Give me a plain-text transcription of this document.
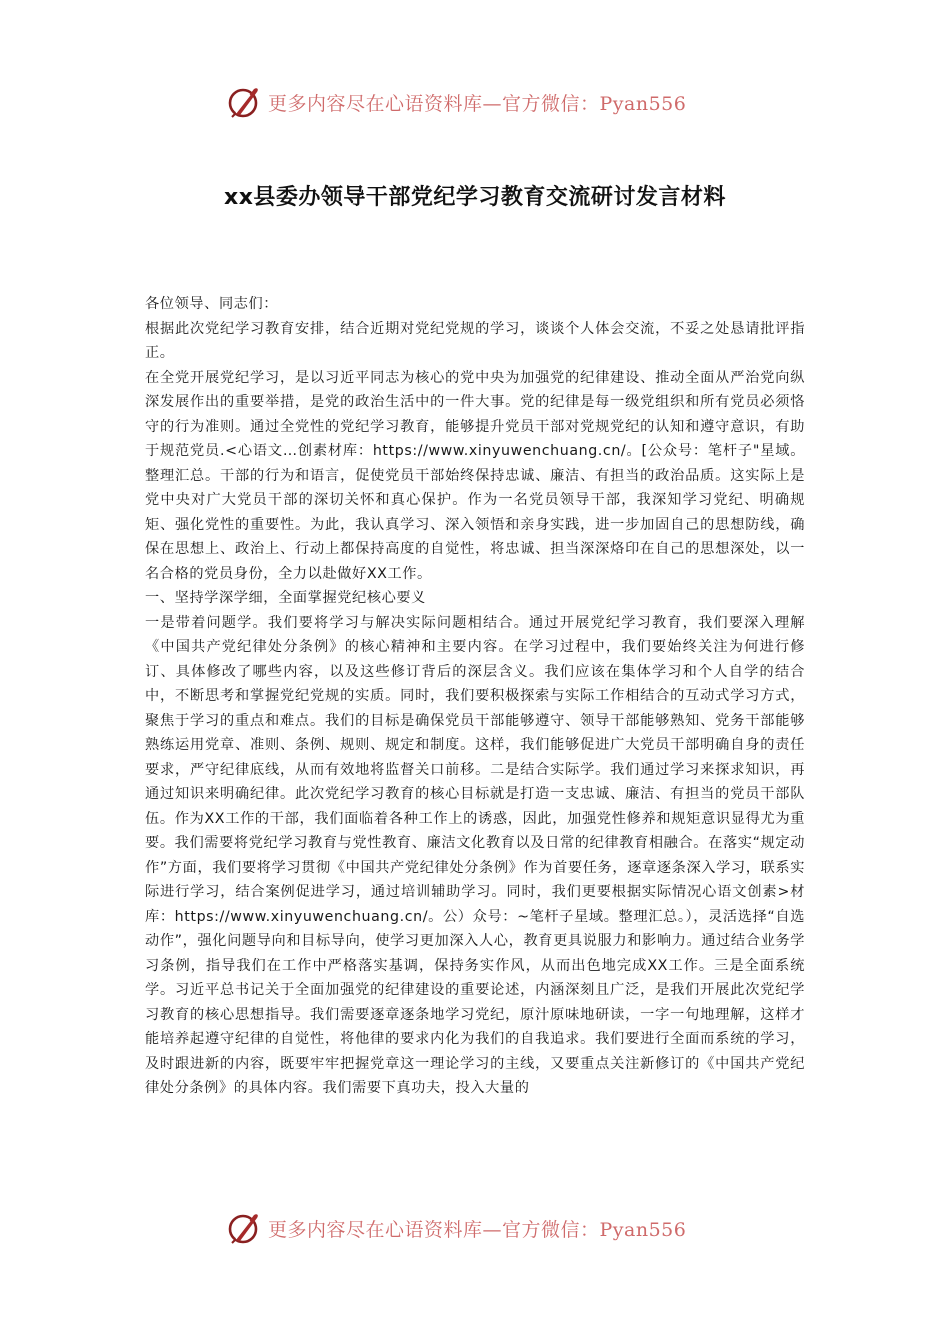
更多内容尽在心语资料库—官方微信：Pyan556
xx县委办领导干部党纪学习教育交流研讨发言材料

各位领导、同志们：

根据此次党纪学习教育安排，结合近期对党纪党规的学习，谈谈个人体会交流，不妥之处恳请批评指正。

在全党开展党纪学习，是以习近平同志为核心的党中央为加强党的纪律建设、推动全面从严治党向纵深发展作出的重要举措，是党的政治生活中的一件大事。党的纪律是每一级党组织和所有党员必须恪守的行为准则。通过全党性的党纪学习教育，能够提升党员干部对党规党纪的认知和遵守意识，有助于规范党员.<心语文…创素材库：https://www.xinyuwenchuang.cn/。[公众号：笔杆子"星域。整理汇总。干部的行为和语言，促使党员干部始终保持忠诚、廉洁、有担当的政治品质。这实际上是党中央对广大党员干部的深切关怀和真心保护。作为一名党员领导干部，我深知学习党纪、明确规矩、强化党性的重要性。为此，我认真学习、深入领悟和亲身实践，进一步加固自己的思想防线，确保在思想上、政治上、行动上都保持高度的自觉性，将忠诚、担当深深烙印在自己的思想深处，以一名合格的党员身份，全力以赴做好XX工作。

一、坚持学深学细，全面掌握党纪核心要义

一是带着问题学。我们要将学习与解决实际问题相结合。通过开展党纪学习教育，我们要深入理解《中国共产党纪律处分条例》的核心精神和主要内容。在学习过程中，我们要始终关注为何进行修订、具体修改了哪些内容，以及这些修订背后的深层含义。我们应该在集体学习和个人自学的结合中，不断思考和掌握党纪党规的实质。同时，我们要积极探索与实际工作相结合的互动式学习方式，聚焦于学习的重点和难点。我们的目标是确保党员干部能够遵守、领导干部能够熟知、党务干部能够熟练运用党章、准则、条例、规则、规定和制度。这样，我们能够促进广大党员干部明确自身的责任要求，严守纪律底线，从而有效地将监督关口前移。二是结合实际学。我们通过学习来探求知识，再通过知识来明确纪律。此次党纪学习教育的核心目标就是打造一支忠诚、廉洁、有担当的党员干部队伍。作为XX工作的干部，我们面临着各种工作上的诱惑，因此，加强党性修养和规矩意识显得尤为重要。我们需要将党纪学习教育与党性教育、廉洁文化教育以及日常的纪律教育相融合。在落实“规定动作”方面，我们要将学习贯彻《中国共产党纪律处分条例》作为首要任务，逐章逐条深入学习，联系实际进行学习，结合案例促进学习，通过培训辅助学习。同时，我们更要根据实际情况心语文创素>材库：https://www.xinyuwenchuang.cn/。公）众号：~笔杆子星域。整理汇总。），灵活选择“自选动作”，强化问题导向和目标导向，使学习更加深入人心，教育更具说服力和影响力。通过结合业务学习条例，指导我们在工作中严格落实基调，保持务实作风，从而出色地完成XX工作。三是全面系统学。习近平总书记关于全面加强党的纪律建设的重要论述，内涵深刻且广泛，是我们开展此次党纪学习教育的核心思想指导。我们需要逐章逐条地学习党纪，原汁原味地研读，一字一句地理解，这样才能培养起遵守纪律的自觉性，将他律的要求内化为我们的自我追求。我们要进行全面而系统的学习，及时跟进新的内容，既要牢牢把握党章这一理论学习的主线，又要重点关注新修订的《中国共产党纪律处分条例》的具体内容。我们需要下真功夫，投入大量的

更多内容尽在心语资料库—官方微信：Pyan556
